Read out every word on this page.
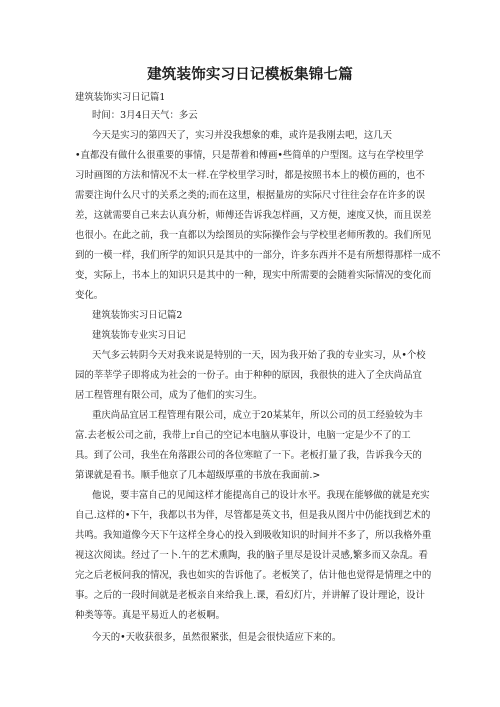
建筑装饰实习日记模板集锦七篇
建筑装饰实习日记篇1
时间：3月4日天气：多云
今天是实习的第四天了，实习并没我想象的难，或许是我刚去吧，这几天
•直都没有做什么很重要的事情，只是帮着和傅画•些简单的户型图。这与在学校里学
习时画图的方法和情况不太一样.在学校里学习时，都是按照书本上的模仿画的，也不
需要注询什么尺寸的关系之类的;而在这里，根据量房的实际尺寸往往会存在许多的误
差，这就需要自己来去认真分析，师傅还告诉我怎样画，又方便，速度又快，而且误差
也很小。在此之前，我一直都以为绘图员的实际操作会与学校里老师所教的。我们所见
到的一模一样，我们所学的知识只是其中的一部分，许多东西并不是有所想得那样一成不
变，实际上，书本上的知识只是其中的一种，现实中所需要的会随着实际情况的变化而
变化。
建筑装饰实习日记篇2
建筑装饰专业实习日记
天气多云转阴今天对我来说是特别的一天，因为我开始了我的专业实习，从•个校
园的莘莘学子即将成为社会的一份子。由于种种的原因，我很快的进入了全庆尚品宜
居工程管理有限公司，成为了他们的实习生。
重庆尚品宜居工程管理有限公司，成立于20某某年，所以公司的员工经验较为丰
富.去老板公司之前，我带上r自己的空记本电脑从事设计，电脑一定是少不了的工
具。到了公司，我坐在角落跟公司的各位寒暄了一下。老板打量了我，告诉我今天的
第课就是看书。顺手他京了几本超级厚重的书放在我面前.>
他说，要丰富自己的见闻这样才能提高自己的设计水平。我现在能够做的就是充实
自己.这样的•下午，我都以书为伴，尽管都是英文书，但是我从图片中仍能找到艺术的
共鸣。我知道像今天下午这样全身心的投入到吸收知识的时间并不多了，所以我格外重
视这次阅读。经过了一卜.午的艺术熏陶，我的脑子里尽是设计灵感,繁多而又杂乱。看
完之后老板问我的情况，我也如实的告诉他了。老板笑了，估计他也觉得是情理之中的
事。之后的一段时间就是老板亲自来给我上.课，看幻灯片，并讲解了设计理论，设计
种类等等。真是平易近人的老板啊。
今天的•天收获很多，虽然很紧张，但是会很快适应下来的。
